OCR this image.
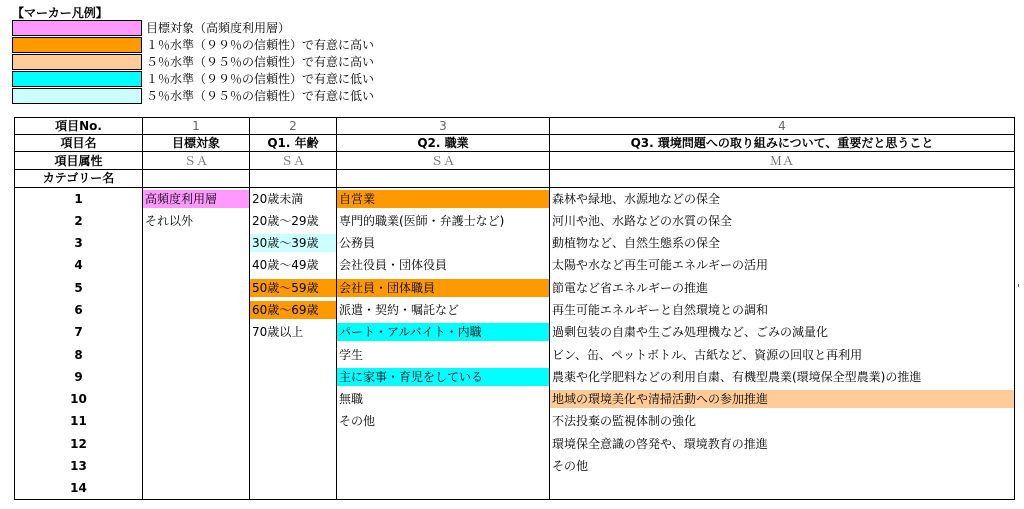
【マーカー凡例】
目標対象（高頻度利用層）
１％水準（９９％の信頼性）で有意に高い
５％水準（９５％の信頼性）で有意に高い
１％水準（９９％の信頼性）で有意に低い
５％水準（９５％の信頼性）で有意に低い
項目No.	1	2	3	4
項目名	目標対象	Q1. 年齢	Q2. 職業	Q3. 環境問題への取り組みについて、重要だと思うこと
項目属性	ＳＡ	ＳＡ	ＳＡ	ＭＡ
カテゴリー名				
1	高頻度利用層	20歳未満	自営業	森林や緑地、水源地などの保全

2	それ以外	20歳～29歳	専門的職業(医師・弁護士など)	河川や池、水路などの水質の保全

3		30歳～39歳	公務員	動植物など、自然生態系の保全

4		40歳～49歳	会社役員・団体役員	太陽や水など再生可能エネルギーの活用

5		50歳～59歳	会社員・団体職員	節電など省エネルギーの推進

6		60歳～69歳	派遣・契約・嘱託など	再生可能エネルギーと自然環境との調和

7		70歳以上	パート・アルバイト・内職	過剰包装の自粛や生ごみ処理機など、ごみの減量化

8			学生	ビン、缶、ペットボトル、古紙など、資源の回収と再利用

9			主に家事・育児をしている	農薬や化学肥料などの利用自粛、有機型農業(環境保全型農業)の推進

10			無職	地域の環境美化や清掃活動への参加推進

11			その他	不法投棄の監視体制の強化

12				環境保全意識の啓発や、環境教育の推進

13				その他

14	

'
